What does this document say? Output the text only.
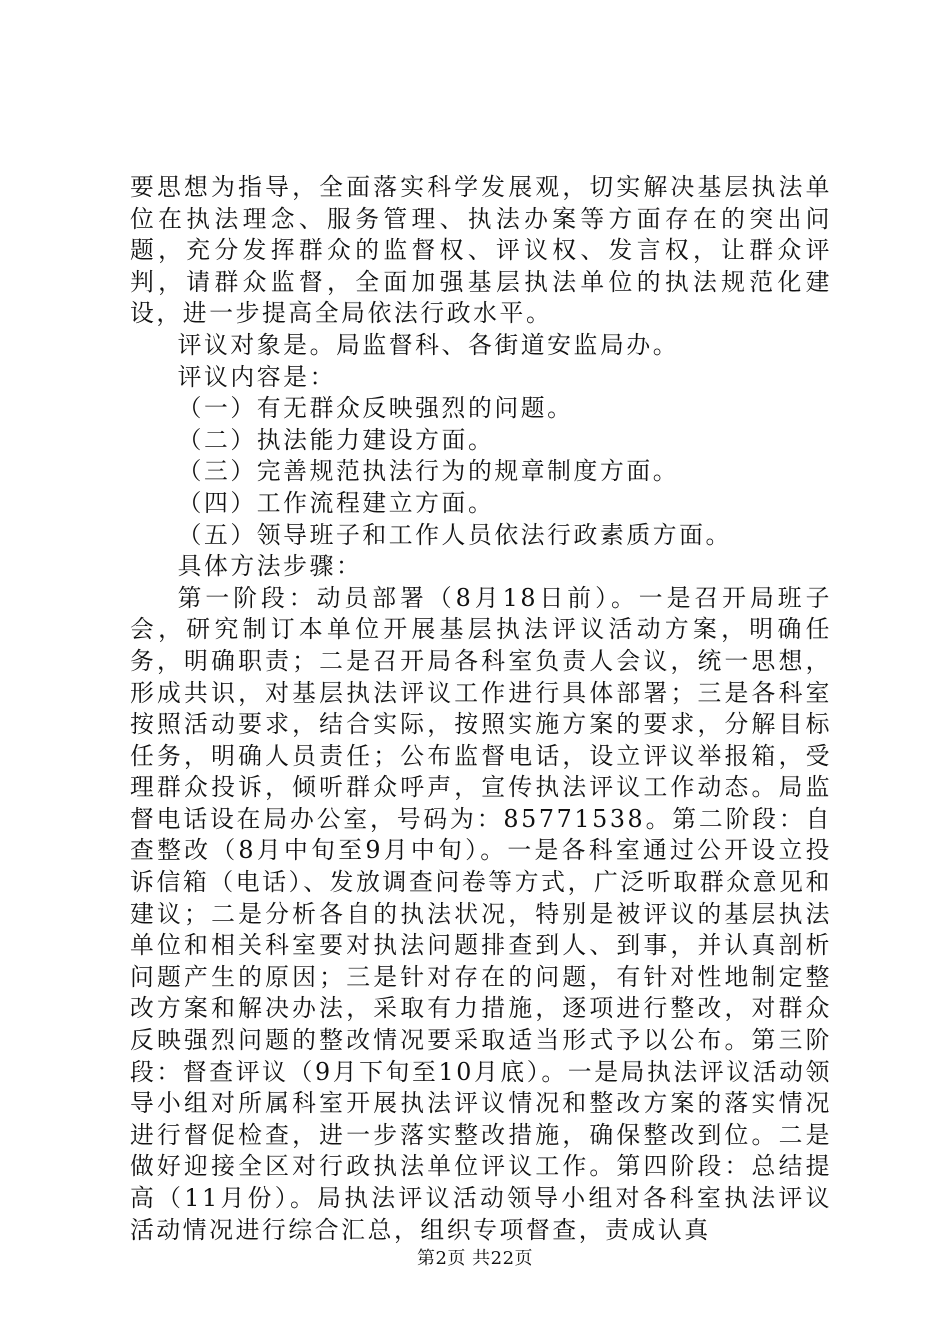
要思想为指导，全面落实科学发展观，切实解决基层执法单位在执法理念、服务管理、执法办案等方面存在的突出问题，充分发挥群众的监督权、评议权、发言权，让群众评判，请群众监督，全面加强基层执法单位的执法规范化建设，进一步提高全局依法行政水平。

评议对象是。局监督科、各街道安监局办。

评议内容是：

（一）有无群众反映强烈的问题。

（二）执法能力建设方面。

（三）完善规范执法行为的规章制度方面。

（四）工作流程建立方面。

（五）领导班子和工作人员依法行政素质方面。

具体方法步骤：

第一阶段：动员部署（8月18日前）。一是召开局班子会，研究制订本单位开展基层执法评议活动方案，明确任务，明确职责；二是召开局各科室负责人会议，统一思想，形成共识，对基层执法评议工作进行具体部署；三是各科室按照活动要求，结合实际，按照实施方案的要求，分解目标任务，明确人员责任；公布监督电话，设立评议举报箱，受理群众投诉，倾听群众呼声，宣传执法评议工作动态。局监督电话设在局办公室，号码为：85771538。第二阶段：自查整改（8月中旬至9月中旬）。一是各科室通过公开设立投诉信箱（电话）、发放调查问卷等方式，广泛听取群众意见和建议；二是分析各自的执法状况，特别是被评议的基层执法单位和相关科室要对执法问题排查到人、到事，并认真剖析问题产生的原因；三是针对存在的问题，有针对性地制定整改方案和解决办法，采取有力措施，逐项进行整改，对群众反映强烈问题的整改情况要采取适当形式予以公布。第三阶段：督查评议（9月下旬至10月底）。一是局执法评议活动领导小组对所属科室开展执法评议情况和整改方案的落实情况进行督促检查，进一步落实整改措施，确保整改到位。二是做好迎接全区对行政执法单位评议工作。第四阶段：总结提高（11月份）。局执法评议活动领导小组对各科室执法评议活动情况进行综合汇总，组织专项督查，责成认真

第2页 共22页
